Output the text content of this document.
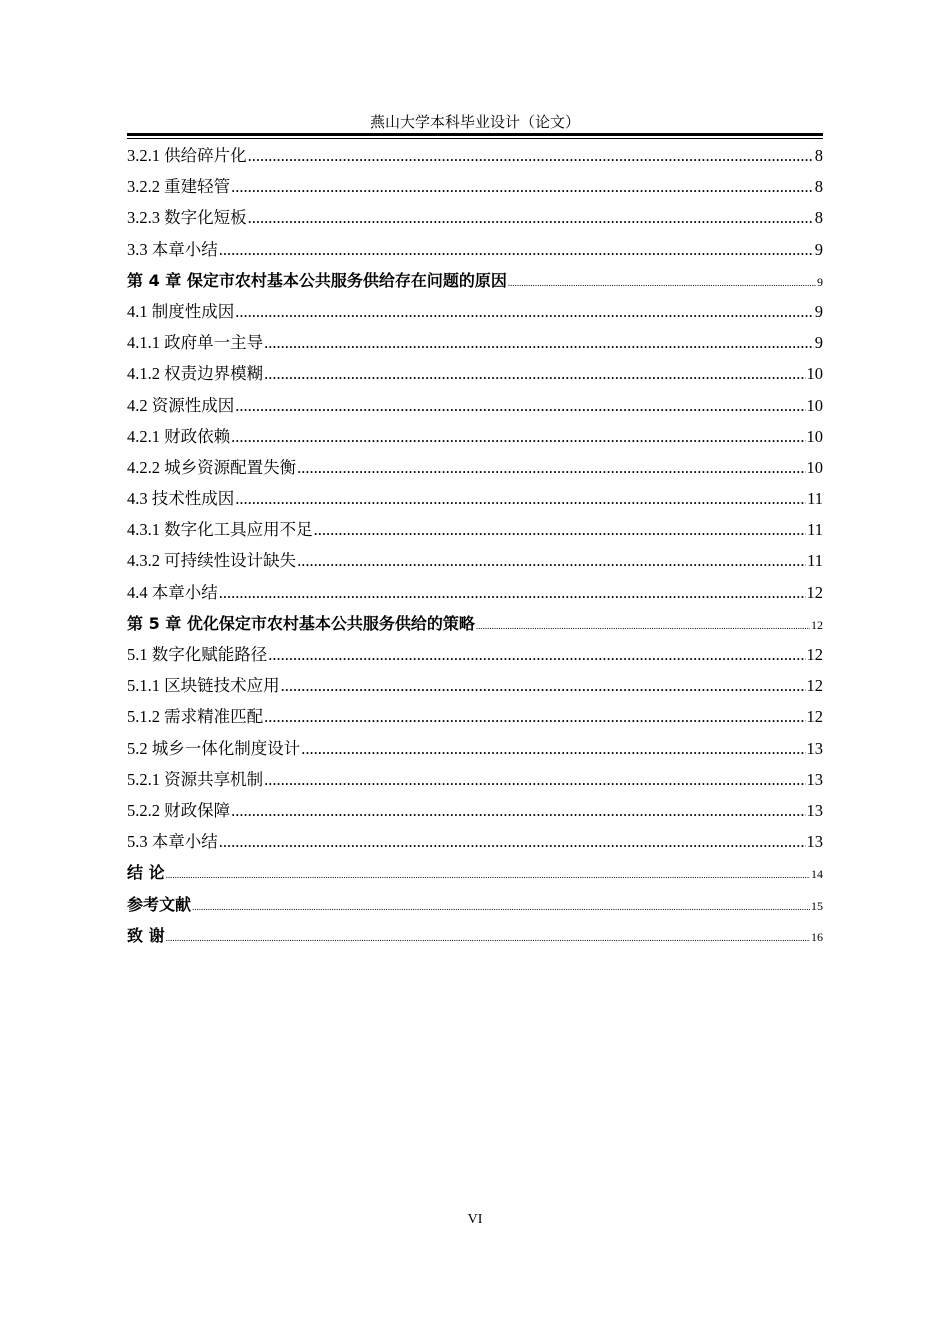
燕山大学本科毕业设计（论文）
3.2.1 供给碎片化 .....	8
3.2.2 重建轻管 .....	8
3.2.3 数字化短板 .....	8
3.3 本章小结 .....	9
第 4 章 保定市农村基本公共服务供给存在问题的原因 .....	9
4.1 制度性成因 .....	9
4.1.1 政府单一主导 .....	9
4.1.2 权责边界模糊 .....	10
4.2 资源性成因 .....	10
4.2.1 财政依赖 .....	10
4.2.2 城乡资源配置失衡 .....	10
4.3 技术性成因 .....	11
4.3.1 数字化工具应用不足 .....	11
4.3.2 可持续性设计缺失 .....	11
4.4 本章小结 .....	12
第 5 章 优化保定市农村基本公共服务供给的策略 .....	12
5.1 数字化赋能路径 .....	12
5.1.1 区块链技术应用 .....	12
5.1.2 需求精准匹配 .....	12
5.2 城乡一体化制度设计 .....	13
5.2.1 资源共享机制 .....	13
5.2.2 财政保障 .....	13
5.3 本章小结 .....	13
结 论 .....	14
参考文献 .....	15
致 谢 .....	16
VI
